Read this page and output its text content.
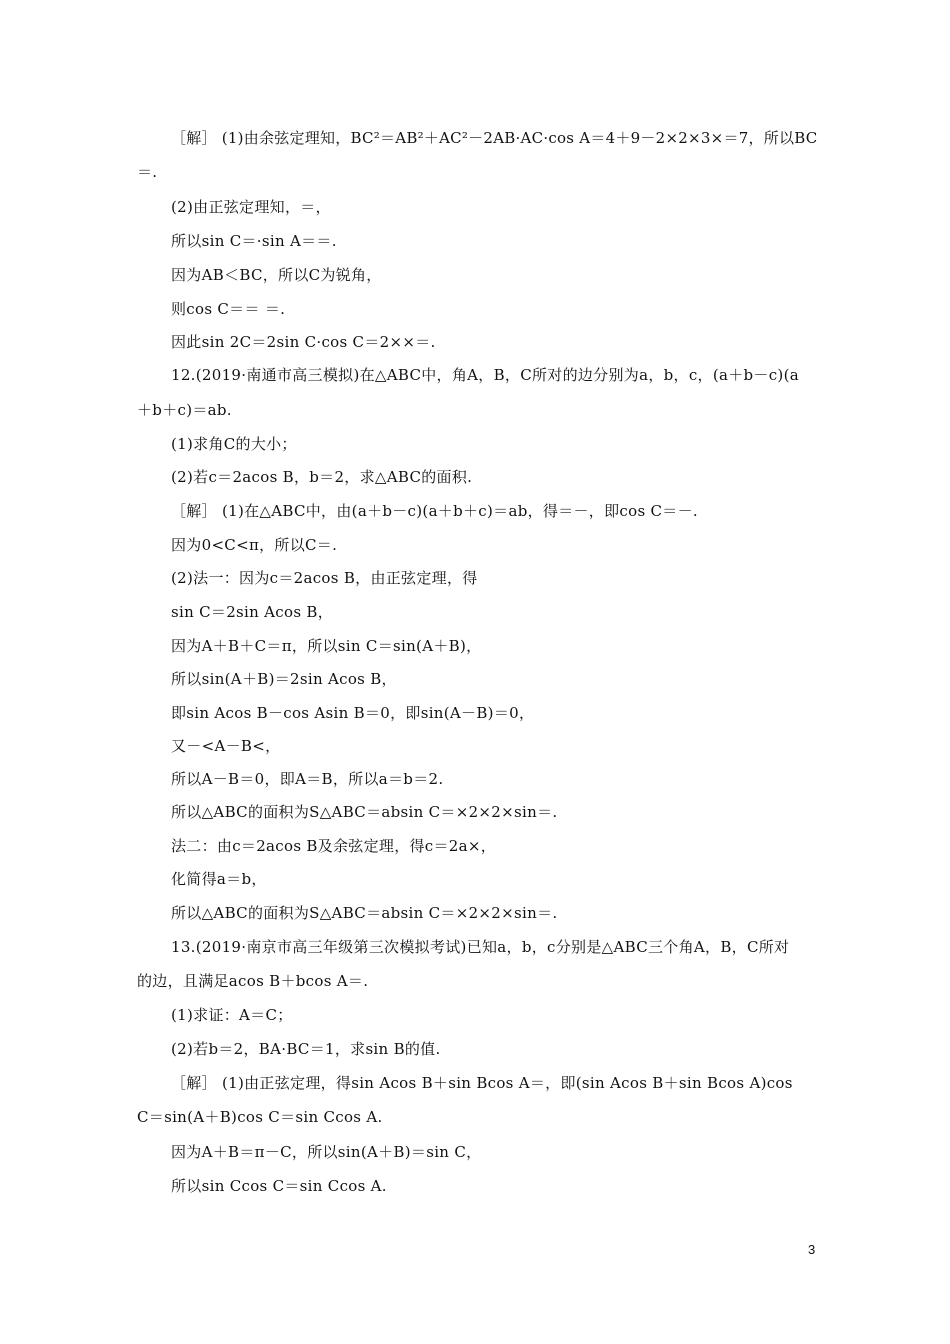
［解］ (1)由余弦定理知，BC²＝AB²＋AC²－2AB·AC·cos A＝4＋9－2×2×3×＝7，所以BC
＝.
(2)由正弦定理知，＝，
所以sin C＝·sin A＝＝.
因为AB＜BC，所以C为锐角，
则cos C＝＝ ＝.
因此sin 2C＝2sin C·cos C＝2××＝.
12.(2019·南通市高三模拟)在△ABC中，角A，B，C所对的边分别为a，b，c，(a＋b－c)(a
＋b＋c)＝ab.
(1)求角C的大小；
(2)若c＝2acos B，b＝2，求△ABC的面积.
［解］ (1)在△ABC中，由(a＋b－c)(a＋b＋c)＝ab，得＝－，即cos C＝－.
因为0<C<π，所以C＝.
(2)法一：因为c＝2acos B，由正弦定理，得
sin C＝2sin Acos B，
因为A＋B＋C＝π，所以sin C＝sin(A＋B)，
所以sin(A＋B)＝2sin Acos B，
即sin Acos B－cos Asin B＝0，即sin(A－B)＝0，
又－<A－B<，
所以A－B＝0，即A＝B，所以a＝b＝2.
所以△ABC的面积为S△ABC＝absin C＝×2×2×sin＝.
法二：由c＝2acos B及余弦定理，得c＝2a×，
化简得a＝b，
所以△ABC的面积为S△ABC＝absin C＝×2×2×sin＝.
13.(2019·南京市高三年级第三次模拟考试)已知a，b，c分别是△ABC三个角A，B，C所对
的边，且满足acos B＋bcos A＝.
(1)求证：A＝C；
(2)若b＝2，BA·BC＝1，求sin B的值.
［解］ (1)由正弦定理，得sin Acos B＋sin Bcos A＝，即(sin Acos B＋sin Bcos A)cos
C＝sin(A＋B)cos C＝sin Ccos A.
因为A＋B＝π－C，所以sin(A＋B)＝sin C，
所以sin Ccos C＝sin Ccos A.
3
